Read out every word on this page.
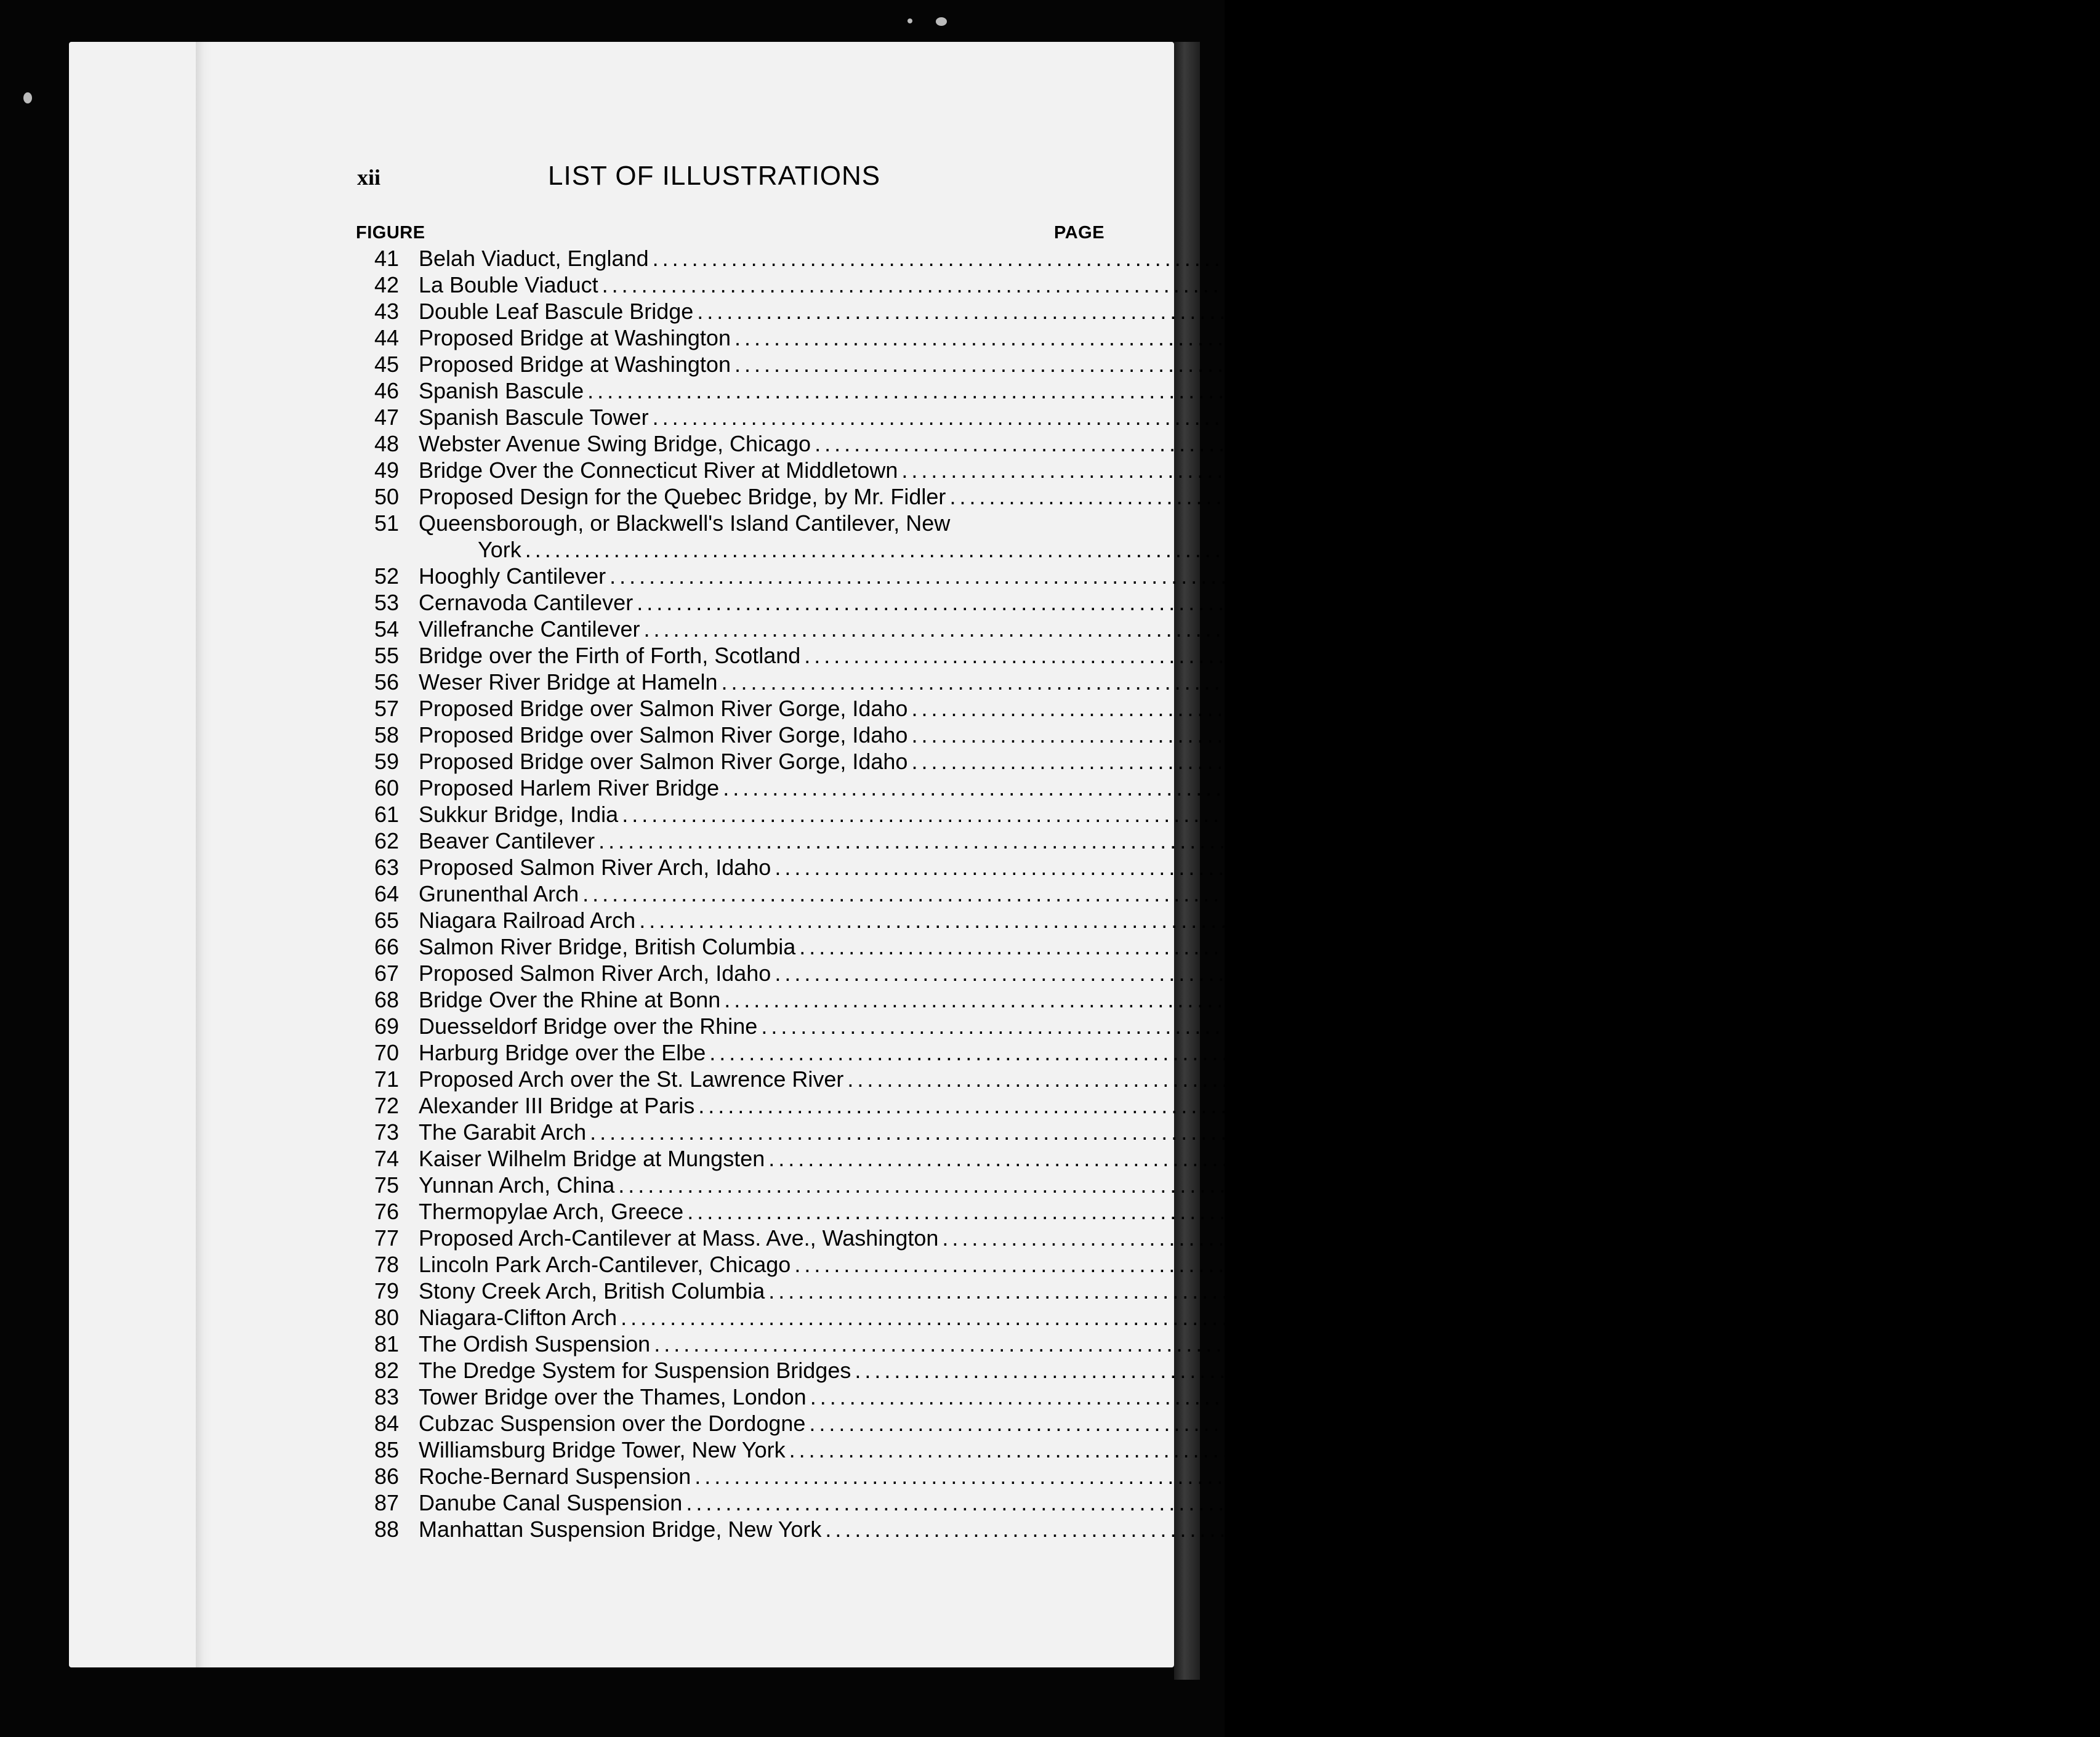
xii	LIST OF ILLUSTRATIONS
FIGURE	PAGE
41 Belah Viaduct, England .....	56
42 La Bouble Viaduct .....	56
43 Double Leaf Bascule Bridge .....	57
44 Proposed Bridge at Washington .....	58
45 Proposed Bridge at Washington .....	58
46 Spanish Bascule .....	60
47 Spanish Bascule Tower .....	62
48 Webster Avenue Swing Bridge, Chicago .....	63
49 Bridge Over the Connecticut River at Middletown .....	64
50 Proposed Design for the Quebec Bridge, by Mr. Fidler .....	68
51 Queensborough, or Blackwell's Island Cantilever, New
York .....	68
52 Hooghly Cantilever .....	69
53 Cernavoda Cantilever .....	69
54 Villefranche Cantilever .....	70
55 Bridge over the Firth of Forth, Scotland .....	70
56 Weser River Bridge at Hameln .....	70
57 Proposed Bridge over Salmon River Gorge, Idaho .....	71
58 Proposed Bridge over Salmon River Gorge, Idaho .....	72
59 Proposed Bridge over Salmon River Gorge, Idaho .....	72
60 Proposed Harlem River Bridge .....	73
61 Sukkur Bridge, India .....	73
62 Beaver Cantilever .....	74
63 Proposed Salmon River Arch, Idaho .....	76
64 Grunenthal Arch .....	77
65 Niagara Railroad Arch .....	78
66 Salmon River Bridge, British Columbia .....	78
67 Proposed Salmon River Arch, Idaho .....	79
68 Bridge Over the Rhine at Bonn .....	80
69 Duesseldorf Bridge over the Rhine .....	80
70 Harburg Bridge over the Elbe .....	82
71 Proposed Arch over the St. Lawrence River .....	81
72 Alexander III Bridge at Paris .....	82
73 The Garabit Arch .....	83
74 Kaiser Wilhelm Bridge at Mungsten .....	83
75 Yunnan Arch, China .....	84
76 Thermopylae Arch, Greece .....	85
77 Proposed Arch-Cantilever at Mass. Ave., Washington .....	85
78 Lincoln Park Arch-Cantilever, Chicago .....	86
79 Stony Creek Arch, British Columbia .....	87
80 Niagara-Clifton Arch .....	89
81 The Ordish Suspension .....	91
82 The Dredge System for Suspension Bridges .....	91
83 Tower Bridge over the Thames, London .....	92
84 Cubzac Suspension over the Dordogne .....	92
85 Williamsburg Bridge Tower, New York .....	94
86 Roche-Bernard Suspension .....	95
87 Danube Canal Suspension .....	95
88 Manhattan Suspension Bridge, New York .....	96
